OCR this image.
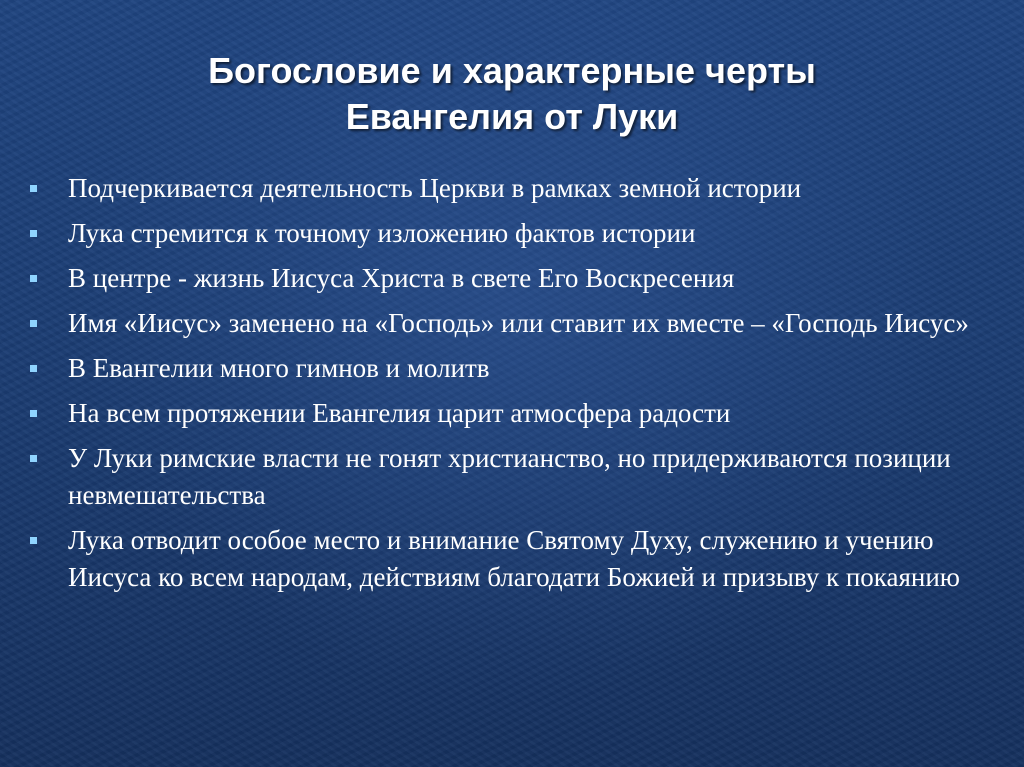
Богословие и характерные черты
Евангелия от Луки
Подчеркивается деятельность Церкви в рамках земной истории
Лука стремится к точному изложению фактов истории
В центре - жизнь Иисуса Христа в свете Его Воскресения
Имя «Иисус» заменено на «Господь» или ставит их вместе – «Господь Иисус»
В Евангелии много гимнов и молитв
На всем протяжении Евангелия царит атмосфера радости
У Луки римские власти не гонят христианство, но придерживаются позиции невмешательства
Лука отводит особое место и внимание Святому Духу, служению и учению Иисуса ко всем народам, действиям благодати Божией и призыву к покаянию
